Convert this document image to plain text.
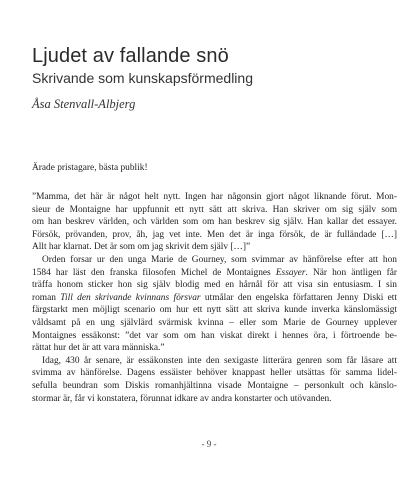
Ljudet av fallande snö
Skrivande som kunskapsförmedling
Åsa Stenvall-Albjerg
Ärade pristagare, bästa publik!
”Mamma, det här är något helt nytt. Ingen har någonsin gjort något liknande förut. Mon-
sieur de Montaigne har uppfunnit ett nytt sätt att skriva. Han skriver om sig själv som
om han beskrev världen, och världen som om han beskrev sig själv. Han kallar det essayer.
Försök, prövanden, prov, åh, jag vet inte. Men det är inga försök, de är fulländade […]
Allt har klarnat. Det är som om jag skrivit dem själv […]”
Orden forsar ur den unga Marie de Gourney, som svimmar av hänförelse efter att hon
1584 har läst den franska filosofen Michel de Montaignes Essayer. När hon äntligen får
träffa honom sticker hon sig själv blodig med en hårnål för att visa sin entusiasm. I sin
roman Till den skrivande kvinnans försvar utmålar den engelska författaren Jenny Diski ett
färgstarkt men möjligt scenario om hur ett nytt sätt att skriva kunde inverka känslomässigt
våldsamt på en ung självlärd svärmisk kvinna – eller som Marie de Gourney upplever
Montaignes essäkonst: ”det var som om han viskat direkt i hennes öra, i förtroende be-
rättat hur det är att vara människa.”
Idag, 430 år senare, är essäkonsten inte den sexigaste litterära genren som får läsare att
svimma av hänförelse. Dagens essäister behöver knappast heller utsättas för samma lidel-
sefulla beundran som Diskis romanhjältinna visade Montaigne – personkult och känslo-
stormar är, får vi konstatera, förunnat idkare av andra konstarter och utövanden.
- 9 -
